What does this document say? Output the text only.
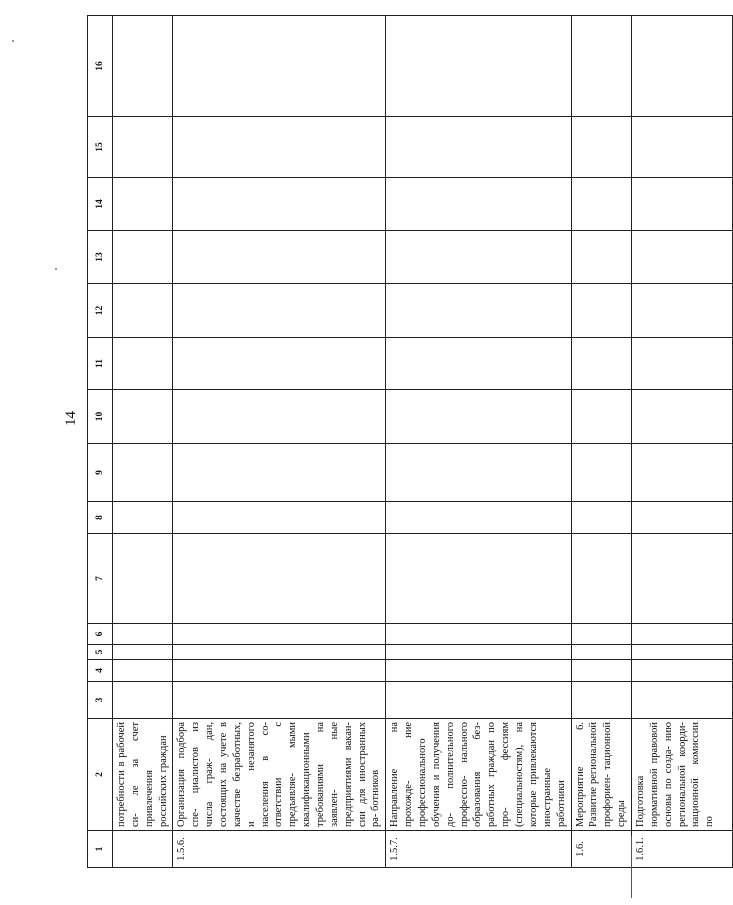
14
1	2	3	4	5	6	7	8	9	10	11	12	13	14	15	16
	потребности в рабочей си- ле за счет привлечения российских граждан														
1.5.6.	Организация подбора спе- циалистов из числа граж- дан, состоящих на учете в качестве безработных, и незанятого населения в со- ответствии с предъявляе- мыми квалификационными требованиями на заявлен- ные предприятиями вакан- сии для иностранных ра- ботников														
1.5.7.	Направление на прохожде- ние профессионального обучения и получения до- полнительного профессио- нального образования без- работных граждан по про- фессиям (специальностям), на которые привлекаются иностранные работники														
1.6.	Мероприятие 6. Развитие региональной профориен- тационной среды														
1.6.1.	Подготовка нормативной правовой основы по созда- нию региональной коорди- национной комиссии по														
